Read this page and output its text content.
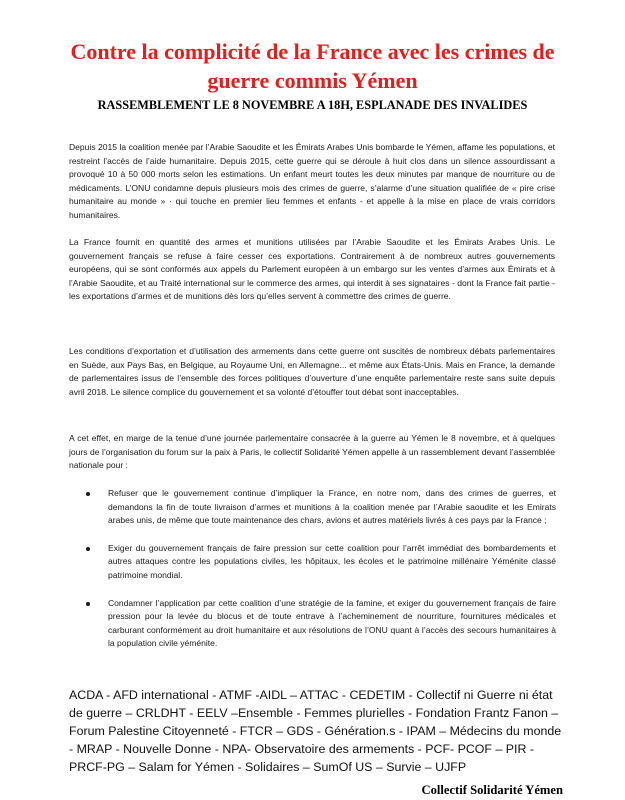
Contre la complicité de la France avec les crimes de guerre commis Yémen
RASSEMBLEMENT LE 8 NOVEMBRE A 18H, ESPLANADE DES INVALIDES

Depuis 2015 la coalition menée par l’Arabie Saoudite et les Émirats Arabes Unis bombarde le Yémen, affame les populations, et restreint l’accès de l’aide humanitaire. Depuis 2015, cette guerre qui se déroule à huit clos dans un silence assourdissant a provoqué 10 à 50 000 morts selon les estimations. Un enfant meurt toutes les deux minutes par manque de nourriture ou de médicaments. L’ONU condamne depuis plusieurs mois des crimes de guerre, s’alarme d’une situation qualifiée de « pire crise humanitaire au monde » · qui touche en premier lieu femmes et enfants - et appelle à la mise en place de vrais corridors humanitaires.

La France fournit en quantité des armes et munitions utilisées par l’Arabie Saoudite et les Émirats Arabes Unis. Le gouvernement français se refuse à faire cesser ces exportations. Contrairement à de nombreux autres gouvernements européens, qui se sont conformés aux appels du Parlement européen à un embargo sur les ventes d’armes aux Émirats et à l’Arabie Saoudite, et au Traité international sur le commerce des armes, qui interdit à ses signataires - dont la France fait partie - les exportations d’armes et de munitions dès lors qu’elles servent à commettre des crimes de guerre.

Les conditions d’exportation et d’utilisation des armements dans cette guerre ont suscités de nombreux débats parlementaires en Suède, aux Pays Bas, en Belgique, au Royaume Uni, en Allemagne... et même aux États-Unis. Mais en France, la demande de parlementaires issus de l’ensemble des forces politiques d’ouverture d’une enquête parlementaire reste sans suite depuis avril 2018. Le silence complice du gouvernement et sa volonté d’étouffer tout débat sont inacceptables.

A cet effet, en marge de la tenue d’une journée parlementaire consacrée à la guerre au Yémen le 8 novembre, et à quelques jours de l’organisation du forum sur la paix à Paris, le collectif Solidarité Yémen appelle à un rassemblement devant l’assemblée nationale pour :

Refuser que le gouvernement continue d’impliquer la France, en notre nom, dans des crimes de guerres, et demandons la fin de toute livraison d’armes et munitions à la coalition menée par l’Arabie saoudite et les Emirats arabes unis, de même que toute maintenance des chars, avions et autres matériels livrés à ces pays par la France ;
Exiger du gouvernement français de faire pression sur cette coalition pour l’arrêt immédiat des bombardements et autres attaques contre les populations civiles, les hôpitaux, les écoles et le patrimoine millénaire Yéménite classé patrimoine mondial.
Condamner l’application par cette coalition d’une stratégie de la famine, et exiger du gouvernement français de faire pression pour la levée du blocus et de toute entrave à l’acheminement de nourriture, fournitures médicales et carburant conformément au droit humanitaire et aux résolutions de l’ONU quant à l’accès des secours humanitaires à la population civile yéménite.

ACDA - AFD international - ATMF -AIDL – ATTAC - CEDETIM - Collectif ni Guerre ni état de guerre – CRLDHT - EELV –Ensemble - Femmes plurielles - Fondation Frantz Fanon – Forum Palestine Citoyenneté - FTCR – GDS - Génération.s - IPAM – Médecins du monde - MRAP - Nouvelle Donne - NPA- Observatoire des armements - PCF- PCOF – PIR - PRCF-PG – Salam for Yémen - Solidaires – SumOf US – Survie – UJFP

Collectif Solidarité Yémen
